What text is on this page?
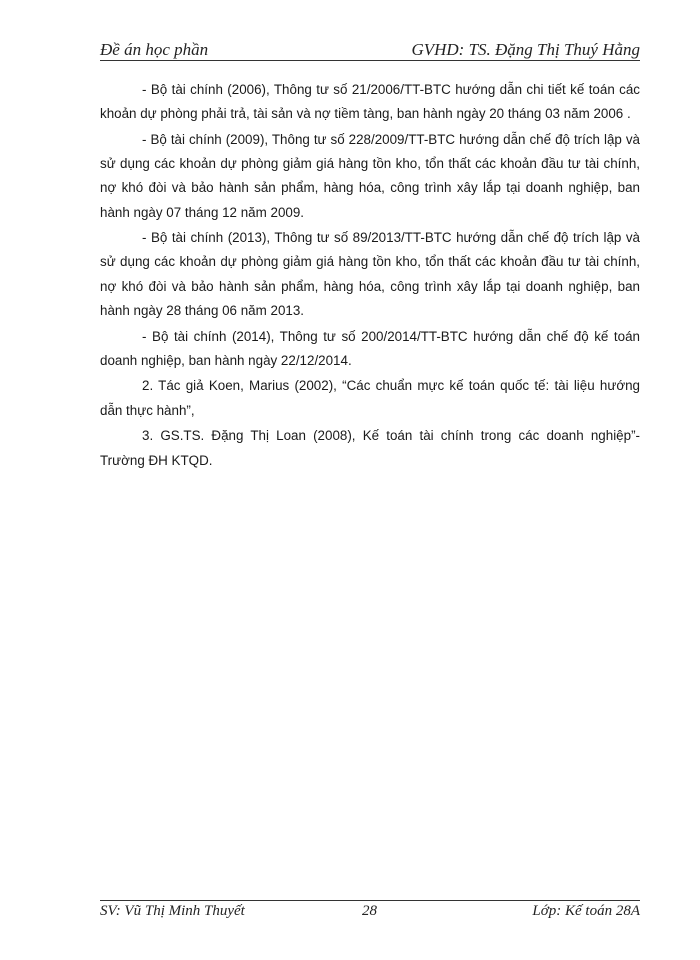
Đề án học phần	GVHD: TS. Đặng Thị Thuý Hằng

- Bộ tài chính (2006), Thông tư số 21/2006/TT-BTC hướng dẫn chi tiết kế toán các khoản dự phòng phải trả, tài sản và nợ tiềm tàng, ban hành ngày 20 tháng 03 năm 2006 .

- Bộ tài chính (2009), Thông tư số 228/2009/TT-BTC hướng dẫn chế độ trích lập và sử dụng các khoản dự phòng giảm giá hàng tồn kho, tổn thất các khoản đầu tư tài chính, nợ khó đòi và bảo hành sản phẩm, hàng hóa, công trình xây lắp tại doanh nghiệp, ban hành ngày 07 tháng 12 năm 2009.

- Bộ tài chính (2013), Thông tư số 89/2013/TT-BTC hướng dẫn chế độ trích lập và sử dụng các khoản dự phòng giảm giá hàng tồn kho, tổn thất các khoản đầu tư tài chính, nợ khó đòi và bảo hành sản phẩm, hàng hóa, công trình xây lắp tại doanh nghiệp, ban hành ngày 28 tháng 06 năm 2013.

- Bộ tài chính (2014), Thông tư số 200/2014/TT-BTC hướng dẫn chế độ kế toán doanh nghiệp, ban hành ngày 22/12/2014.

2. Tác giả Koen, Marius (2002), “Các chuẩn mực kế toán quốc tế: tài liệu hướng dẫn thực hành”,

3. GS.TS. Đặng Thị Loan (2008), Kế toán tài chính trong các doanh nghiệp”- Trường ĐH KTQD.

SV: Vũ Thị Minh Thuyết	28	Lớp: Kế toán 28A
